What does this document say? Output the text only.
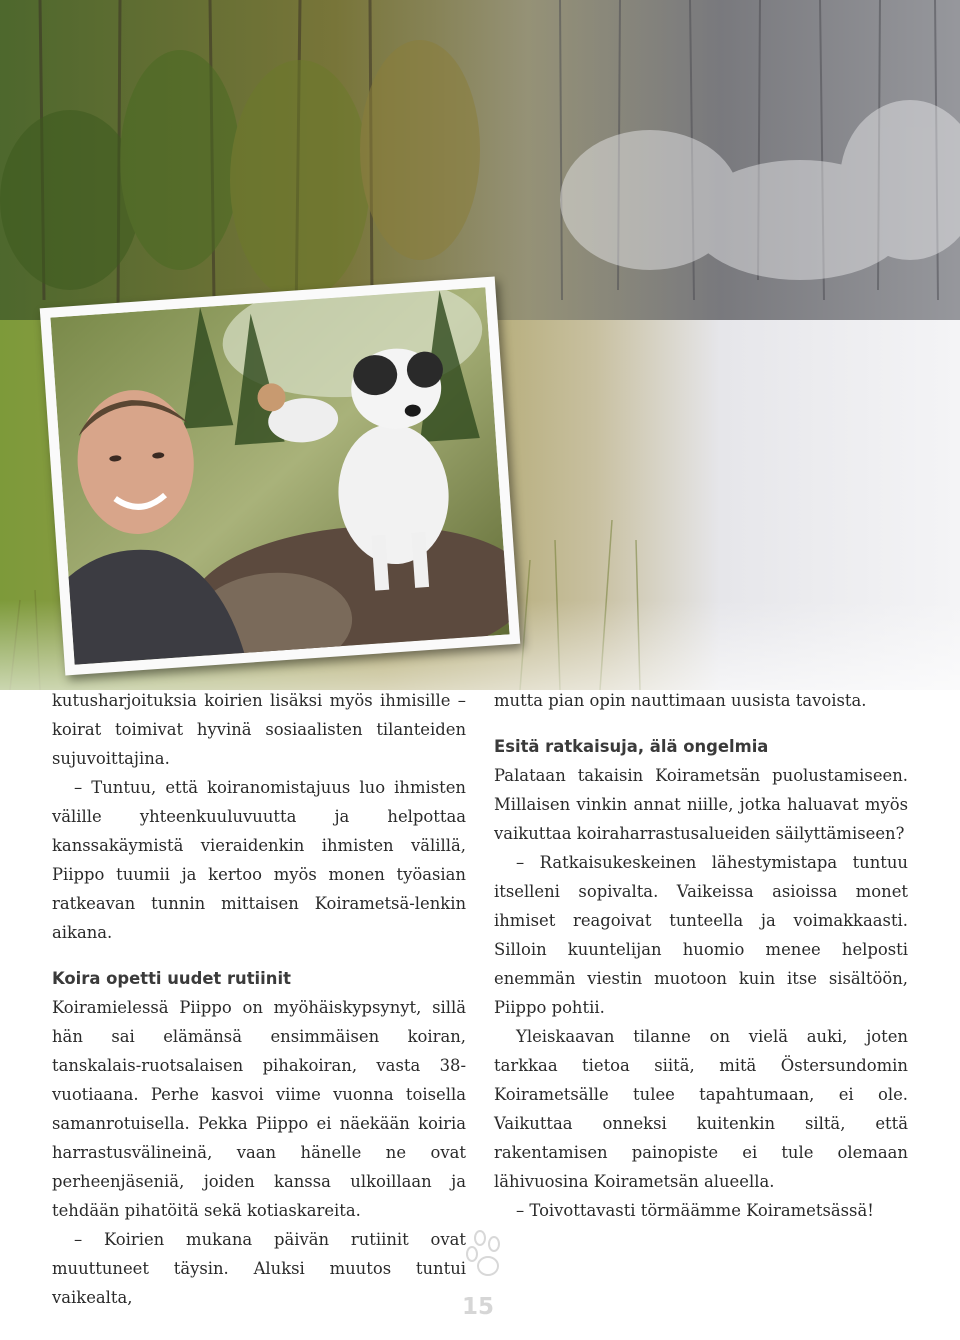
kutusharjoituksia koirien lisäksi myös ihmisille – koirat toimivat hyvinä sosiaalisten tilanteiden sujuvoittajina.

– Tuntuu, että koiranomistajuus luo ihmisten välille yhteenkuuluvuutta ja helpottaa kanssakäymistä vieraidenkin ihmisten välillä, Piippo tuumii ja kertoo myös monen työasian ratkeavan tunnin mittaisen Koirametsä-lenkin aikana.

Koira opetti uudet rutiinit

Koiramielessä Piippo on myöhäiskypsynyt, sillä hän sai elämänsä ensimmäisen koiran, tanskalais-ruotsalaisen pihakoiran, vasta 38-vuotiaana. Perhe kasvoi viime vuonna toisella samanrotuisella. Pekka Piippo ei näekään koiria harrastusvälineinä, vaan hänelle ne ovat perheenjäseniä, joiden kanssa ulkoillaan ja tehdään pihatöitä sekä kotiaskareita.

– Koirien mukana päivän rutiinit ovat muuttuneet täysin. Aluksi muutos tuntui vaikealta,

mutta pian opin nauttimaan uusista tavoista.

Esitä ratkaisuja, älä ongelmia

Palataan takaisin Koirametsän puolustamiseen. Millaisen vinkin annat niille, jotka haluavat myös vaikuttaa koiraharrastusalueiden säilyttämiseen?

– Ratkaisukeskeinen lähestymistapa tuntuu itselleni sopivalta. Vaikeissa asioissa monet ihmiset reagoivat tunteella ja voimakkaasti. Silloin kuuntelijan huomio menee helposti enemmän viestin muotoon kuin itse sisältöön, Piippo pohtii.

Yleiskaavan tilanne on vielä auki, joten tarkkaa tietoa siitä, mitä Östersundomin Koirametsälle tulee tapahtumaan, ei ole. Vaikuttaa onneksi kuitenkin siltä, että rakentamisen painopiste ei tule olemaan lähivuosina Koirametsän alueella.

– Toivottavasti törmäämme Koirametsässä!

15
